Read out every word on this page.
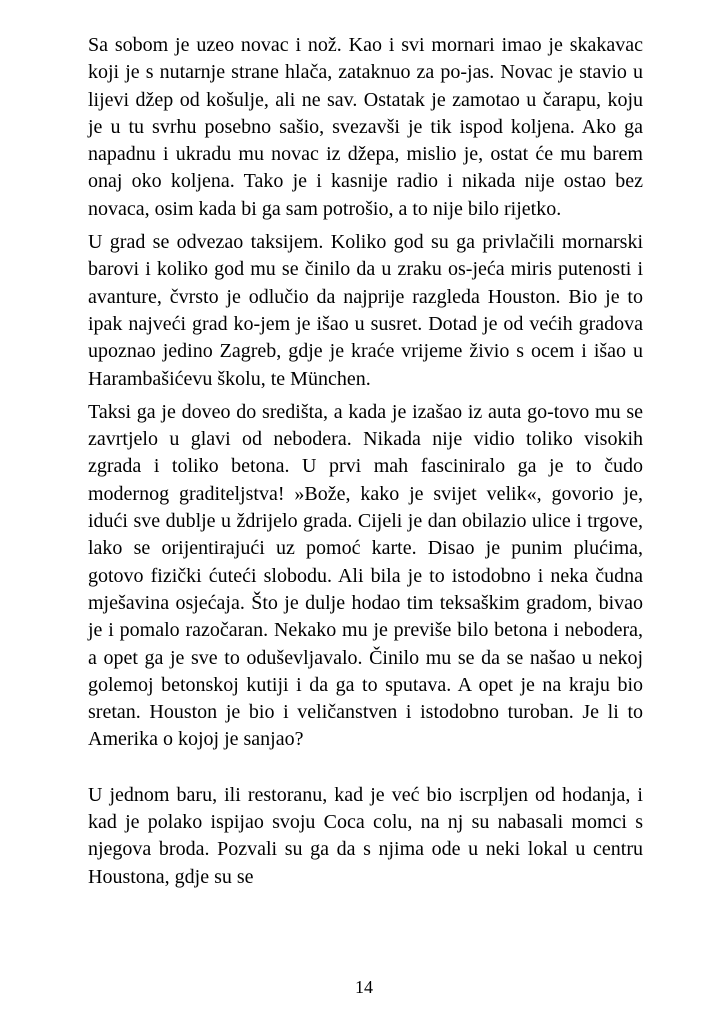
Sa sobom je uzeo novac i nož. Kao i svi mornari imao je skakavac koji je s nutarnje strane hlača, zataknuo za po-jas. Novac je stavio u lijevi džep od košulje, ali ne sav. Ostatak je zamotao u čarapu, koju je u tu svrhu posebno sašio, svezavši je tik ispod koljena. Ako ga napadnu i ukradu mu novac iz džepa, mislio je, ostat će mu barem onaj oko koljena. Tako je i kasnije radio i nikada nije ostao bez novaca, osim kada bi ga sam potrošio, a to nije bilo rijetko.

U grad se odvezao taksijem. Koliko god su ga privlačili mornarski barovi i koliko god mu se činilo da u zraku os-jeća miris putenosti i avanture, čvrsto je odlučio da najprije razgleda Houston. Bio je to ipak najveći grad ko-jem je išao u susret. Dotad je od većih gradova upoznao jedino Zagreb, gdje je kraće vrijeme živio s ocem i išao u Harambašićevu školu, te München.

Taksi ga je doveo do središta, a kada je izašao iz auta go-tovo mu se zavrtjelo u glavi od nebodera. Nikada nije vidio toliko visokih zgrada i toliko betona. U prvi mah fasciniralo ga je to čudo modernog graditeljstva! »Bože, kako je svijet velik«, govorio je, idući sve dublje u ždrijelo grada. Cijeli je dan obilazio ulice i trgove, lako se orijentirajući uz pomoć karte. Disao je punim plućima, gotovo fizički ćuteći slobodu. Ali bila je to istodobno i neka čudna mješavina osjećaja. Što je dulje hodao tim teksaškim gradom, bivao je i pomalo razočaran. Nekako mu je previše bilo betona i nebodera, a opet ga je sve to oduševljavalo. Činilo mu se da se našao u nekoj golemoj betonskoj kutiji i da ga to sputava. A opet je na kraju bio sretan. Houston je bio i veličanstven i istodobno turoban. Je li to Amerika o kojoj je sanjao?

U jednom baru, ili restoranu, kad je već bio iscrpljen od hodanja, i kad je polako ispijao svoju Coca colu, na nj su nabasali momci s njegova broda. Pozvali su ga da s njima ode u neki lokal u centru Houstona, gdje su se

14
